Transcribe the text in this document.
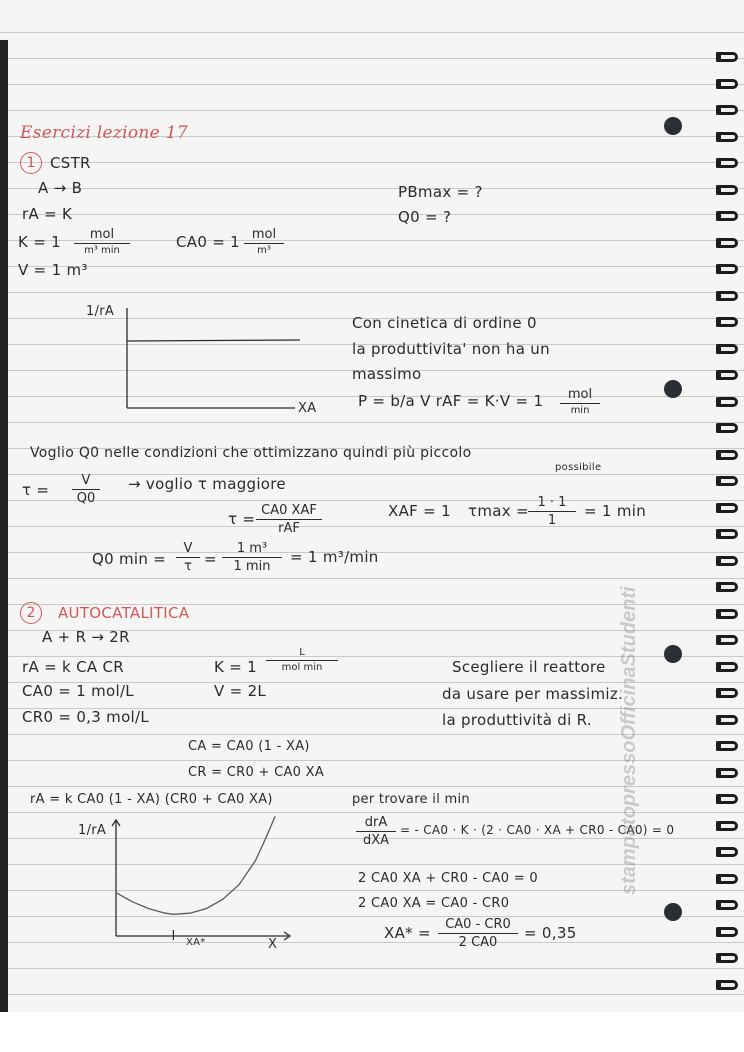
Esercizi lezione 17
1 CSTR
A → B
rA = K
K = 1	mol
m³ min	CA0 = 1 mol
m³
V = 1 m³
PBmax = ?
Q0 = ?
1/rA
XA
Con cinetica di ordine 0
la produttivita' non ha un
massimo
P = b/a V rAF = K·V = 1	mol
min
Voglio Q0 nelle condizioni che ottimizzano quindi più piccolo
possibile
$\tau = \frac{V}{Q0}$ → voglio τ maggiore
τ = CA0 XAF
rAF
XAF = 1 $\tau\max = \frac{1 \cdot 1}{1} = 1$ min
Q0 $\min = \frac{V}{\tau}$ =
1 m³
1 min
= 1 m³/min
2	AUTOCATALITICA
A + R → 2R
rA = k CA CR	K = 1
L
mol min
CA0 = 1 mol/L	V = 2L
CR0 = 0,3 mol/L
Scegliere il reattore
da usare per massimiz.
la produttività di R.
CA = CA0 (1 - XA)
CR = CR0 + CA0 XA
rA = k CA0 (1 - XA) (CR0 + CA0 XA)	per trovare il min
drA
dXA
= - CA0 · K · (2 · CA0 · XA + CR0 - CA0) = 0
2 CA0 XA + CR0 - CA0 = 0
2 CA0 XA = CA0 - CR0
$XA* = \frac{CA0 - CR0}{2 CA0} = 0,35$
1/rA
X
XA*
stampatopressoOfficinaStudenti
